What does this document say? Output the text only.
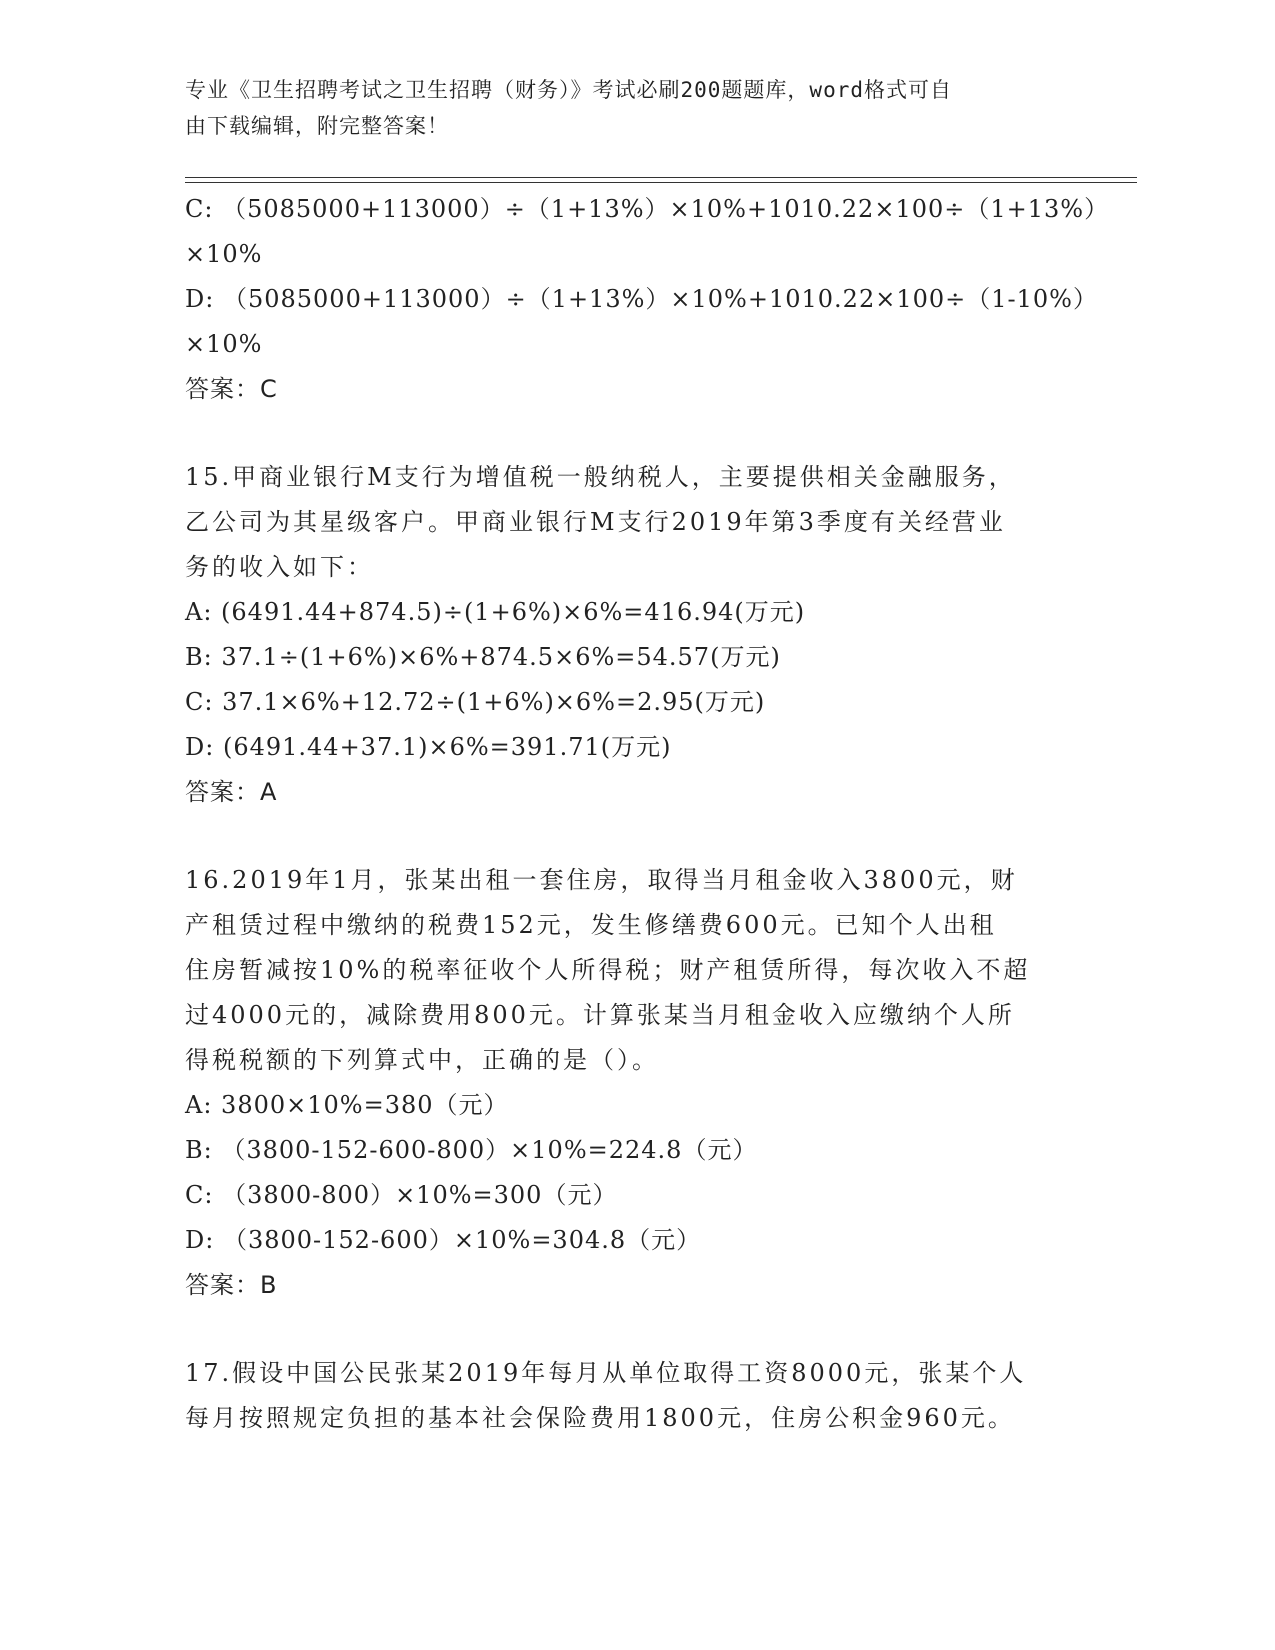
专业《卫生招聘考试之卫生招聘（财务）》考试必刷200题题库，word格式可自
由下载编辑，附完整答案！
C: （5085000+113000）÷（1+13%）×10%+1010.22×100÷（1+13%）
×10%
D: （5085000+113000）÷（1+13%）×10%+1010.22×100÷（1-10%）
×10%
答案：C
15.甲商业银行M支行为增值税一般纳税人，主要提供相关金融服务，
乙公司为其星级客户。甲商业银行M支行2019年第3季度有关经营业
务的收入如下：
A: (6491.44+874.5)÷(1+6%)×6%=416.94(万元)
B: 37.1÷(1+6%)×6%+874.5×6%=54.57(万元)
C: 37.1×6%+12.72÷(1+6%)×6%=2.95(万元)
D: (6491.44+37.1)×6%=391.71(万元)
答案：A
16.2019年1月，张某出租一套住房，取得当月租金收入3800元，财
产租赁过程中缴纳的税费152元，发生修缮费600元。已知个人出租
住房暂减按10%的税率征收个人所得税；财产租赁所得，每次收入不超
过4000元的，减除费用800元。计算张某当月租金收入应缴纳个人所
得税税额的下列算式中，正确的是（）。
A: 3800×10%=380（元）
B: （3800-152-600-800）×10%=224.8（元）
C: （3800-800）×10%=300（元）
D: （3800-152-600）×10%=304.8（元）
答案：B
17.假设中国公民张某2019年每月从单位取得工资8000元，张某个人
每月按照规定负担的基本社会保险费用1800元，住房公积金960元。
